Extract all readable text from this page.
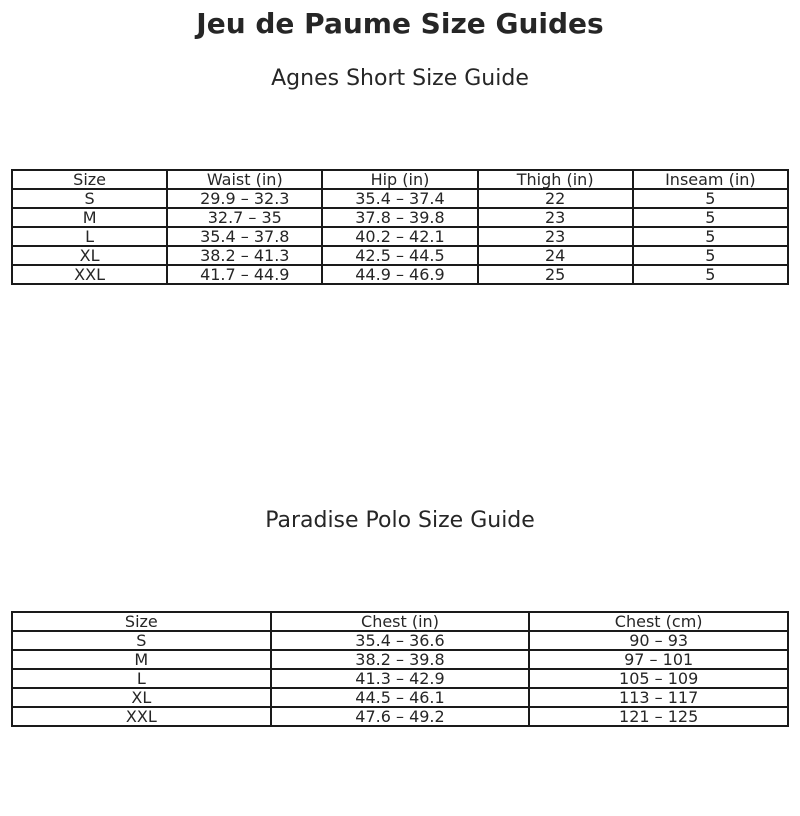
Jeu de Paume Size Guides
Agnes Short Size Guide
Size	Waist (in)	Hip (in)	Thigh (in)	Inseam (in)
S	29.9 – 32.3	35.4 – 37.4	22	5
M	32.7 – 35	37.8 – 39.8	23	5
L	35.4 – 37.8	40.2 – 42.1	23	5
XL	38.2 – 41.3	42.5 – 44.5	24	5
XXL	41.7 – 44.9	44.9 – 46.9	25	5
Paradise Polo Size Guide
Size	Chest (in)	Chest (cm)
S	35.4 – 36.6	90 – 93
M	38.2 – 39.8	97 – 101
L	41.3 – 42.9	105 – 109
XL	44.5 – 46.1	113 – 117
XXL	47.6 – 49.2	121 – 125
